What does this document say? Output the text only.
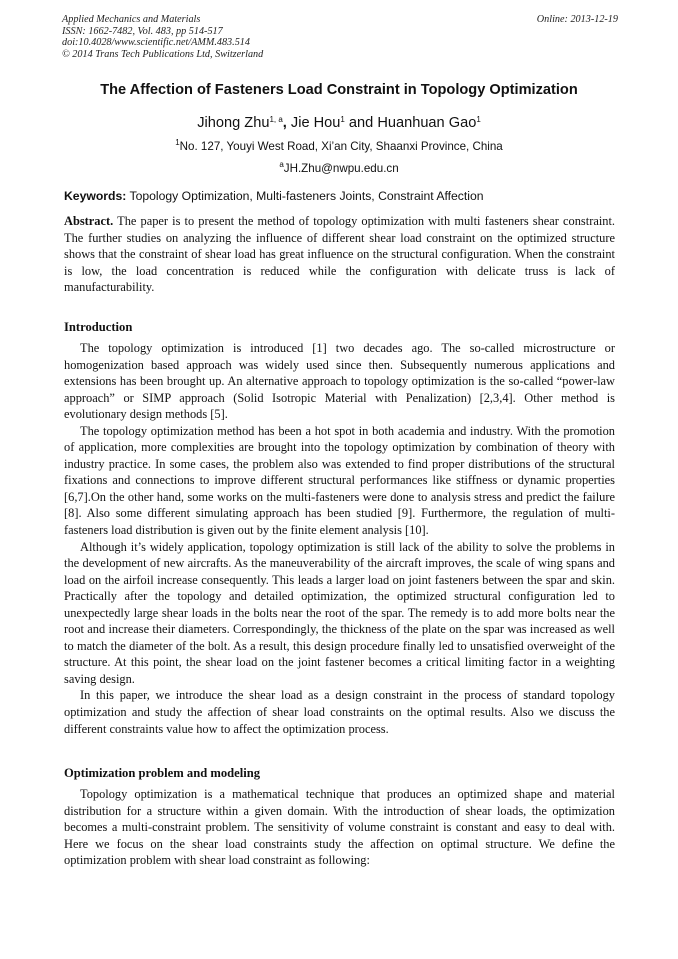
Applied Mechanics and Materials
ISSN: 1662-7482, Vol. 483, pp 514-517
doi:10.4028/www.scientific.net/AMM.483.514
© 2014 Trans Tech Publications Ltd, Switzerland
Online: 2013-12-19
The Affection of Fasteners Load Constraint in Topology Optimization
Jihong Zhu$^{1, a}$, Jie Hou$^1$ and Huanhuan Gao$^1$
$^1$No. 127, Youyi West Road, Xi’an City, Shaanxi Province, China
$^a$JH.Zhu@nwpu.edu.cn
Keywords: Topology Optimization, Multi-fasteners Joints, Constraint Affection

Abstract. The paper is to present the method of topology optimization with multi fasteners shear constraint. The further studies on analyzing the influence of different shear load constraint on the optimized structure shows that the constraint of shear load has great influence on the structural configuration. When the constraint is low, the load concentration is reduced while the configuration with delicate truss is lack of manufacturability.

Introduction

The topology optimization is introduced [1] two decades ago. The so-called microstructure or homogenization based approach was widely used since then. Subsequently numerous applications and extensions has been brought up. An alternative approach to topology optimization is the so-called “power-law approach” or SIMP approach (Solid Isotropic Material with Penalization) [2,3,4]. Other method is evolutionary design methods [5].

The topology optimization method has been a hot spot in both academia and industry. With the promotion of application, more complexities are brought into the topology optimization by combination of theory with industry practice. In some cases, the problem also was extended to find proper distributions of the structural fixations and connections to improve different structural performances like stiffness or dynamic properties [6,7].On the other hand, some works on the multi-fasteners were done to analysis stress and predict the failure [8]. Also some different simulating approach has been studied [9]. Furthermore, the regulation of multi-fasteners load distribution is given out by the finite element analysis [10].

Although it’s widely application, topology optimization is still lack of the ability to solve the problems in the development of new aircrafts. As the maneuverability of the aircraft improves, the scale of wing spans and load on the airfoil increase consequently. This leads a larger load on joint fasteners between the spar and skin. Practically after the topology and detailed optimization, the optimized structural configuration led to unexpectedly large shear loads in the bolts near the root of the spar. The remedy is to add more bolts near the root and increase their diameters. Correspondingly, the thickness of the plate on the spar was increased as well to match the diameter of the bolt. As a result, this design procedure finally led to unsatisfied overweight of the structure. At this point, the shear load on the joint fastener becomes a critical limiting factor in a weighting saving design.

In this paper, we introduce the shear load as a design constraint in the process of standard topology optimization and study the affection of shear load constraints on the optimal results. Also we discuss the different constraints value how to affect the optimization process.

Optimization problem and modeling

Topology optimization is a mathematical technique that produces an optimized shape and material distribution for a structure within a given domain. With the introduction of shear loads, the optimization becomes a multi-constraint problem. The sensitivity of volume constraint is constant and easy to deal with. Here we focus on the shear load constraints study the affection on optimal structure. We define the optimization problem with shear load constraint as following:
